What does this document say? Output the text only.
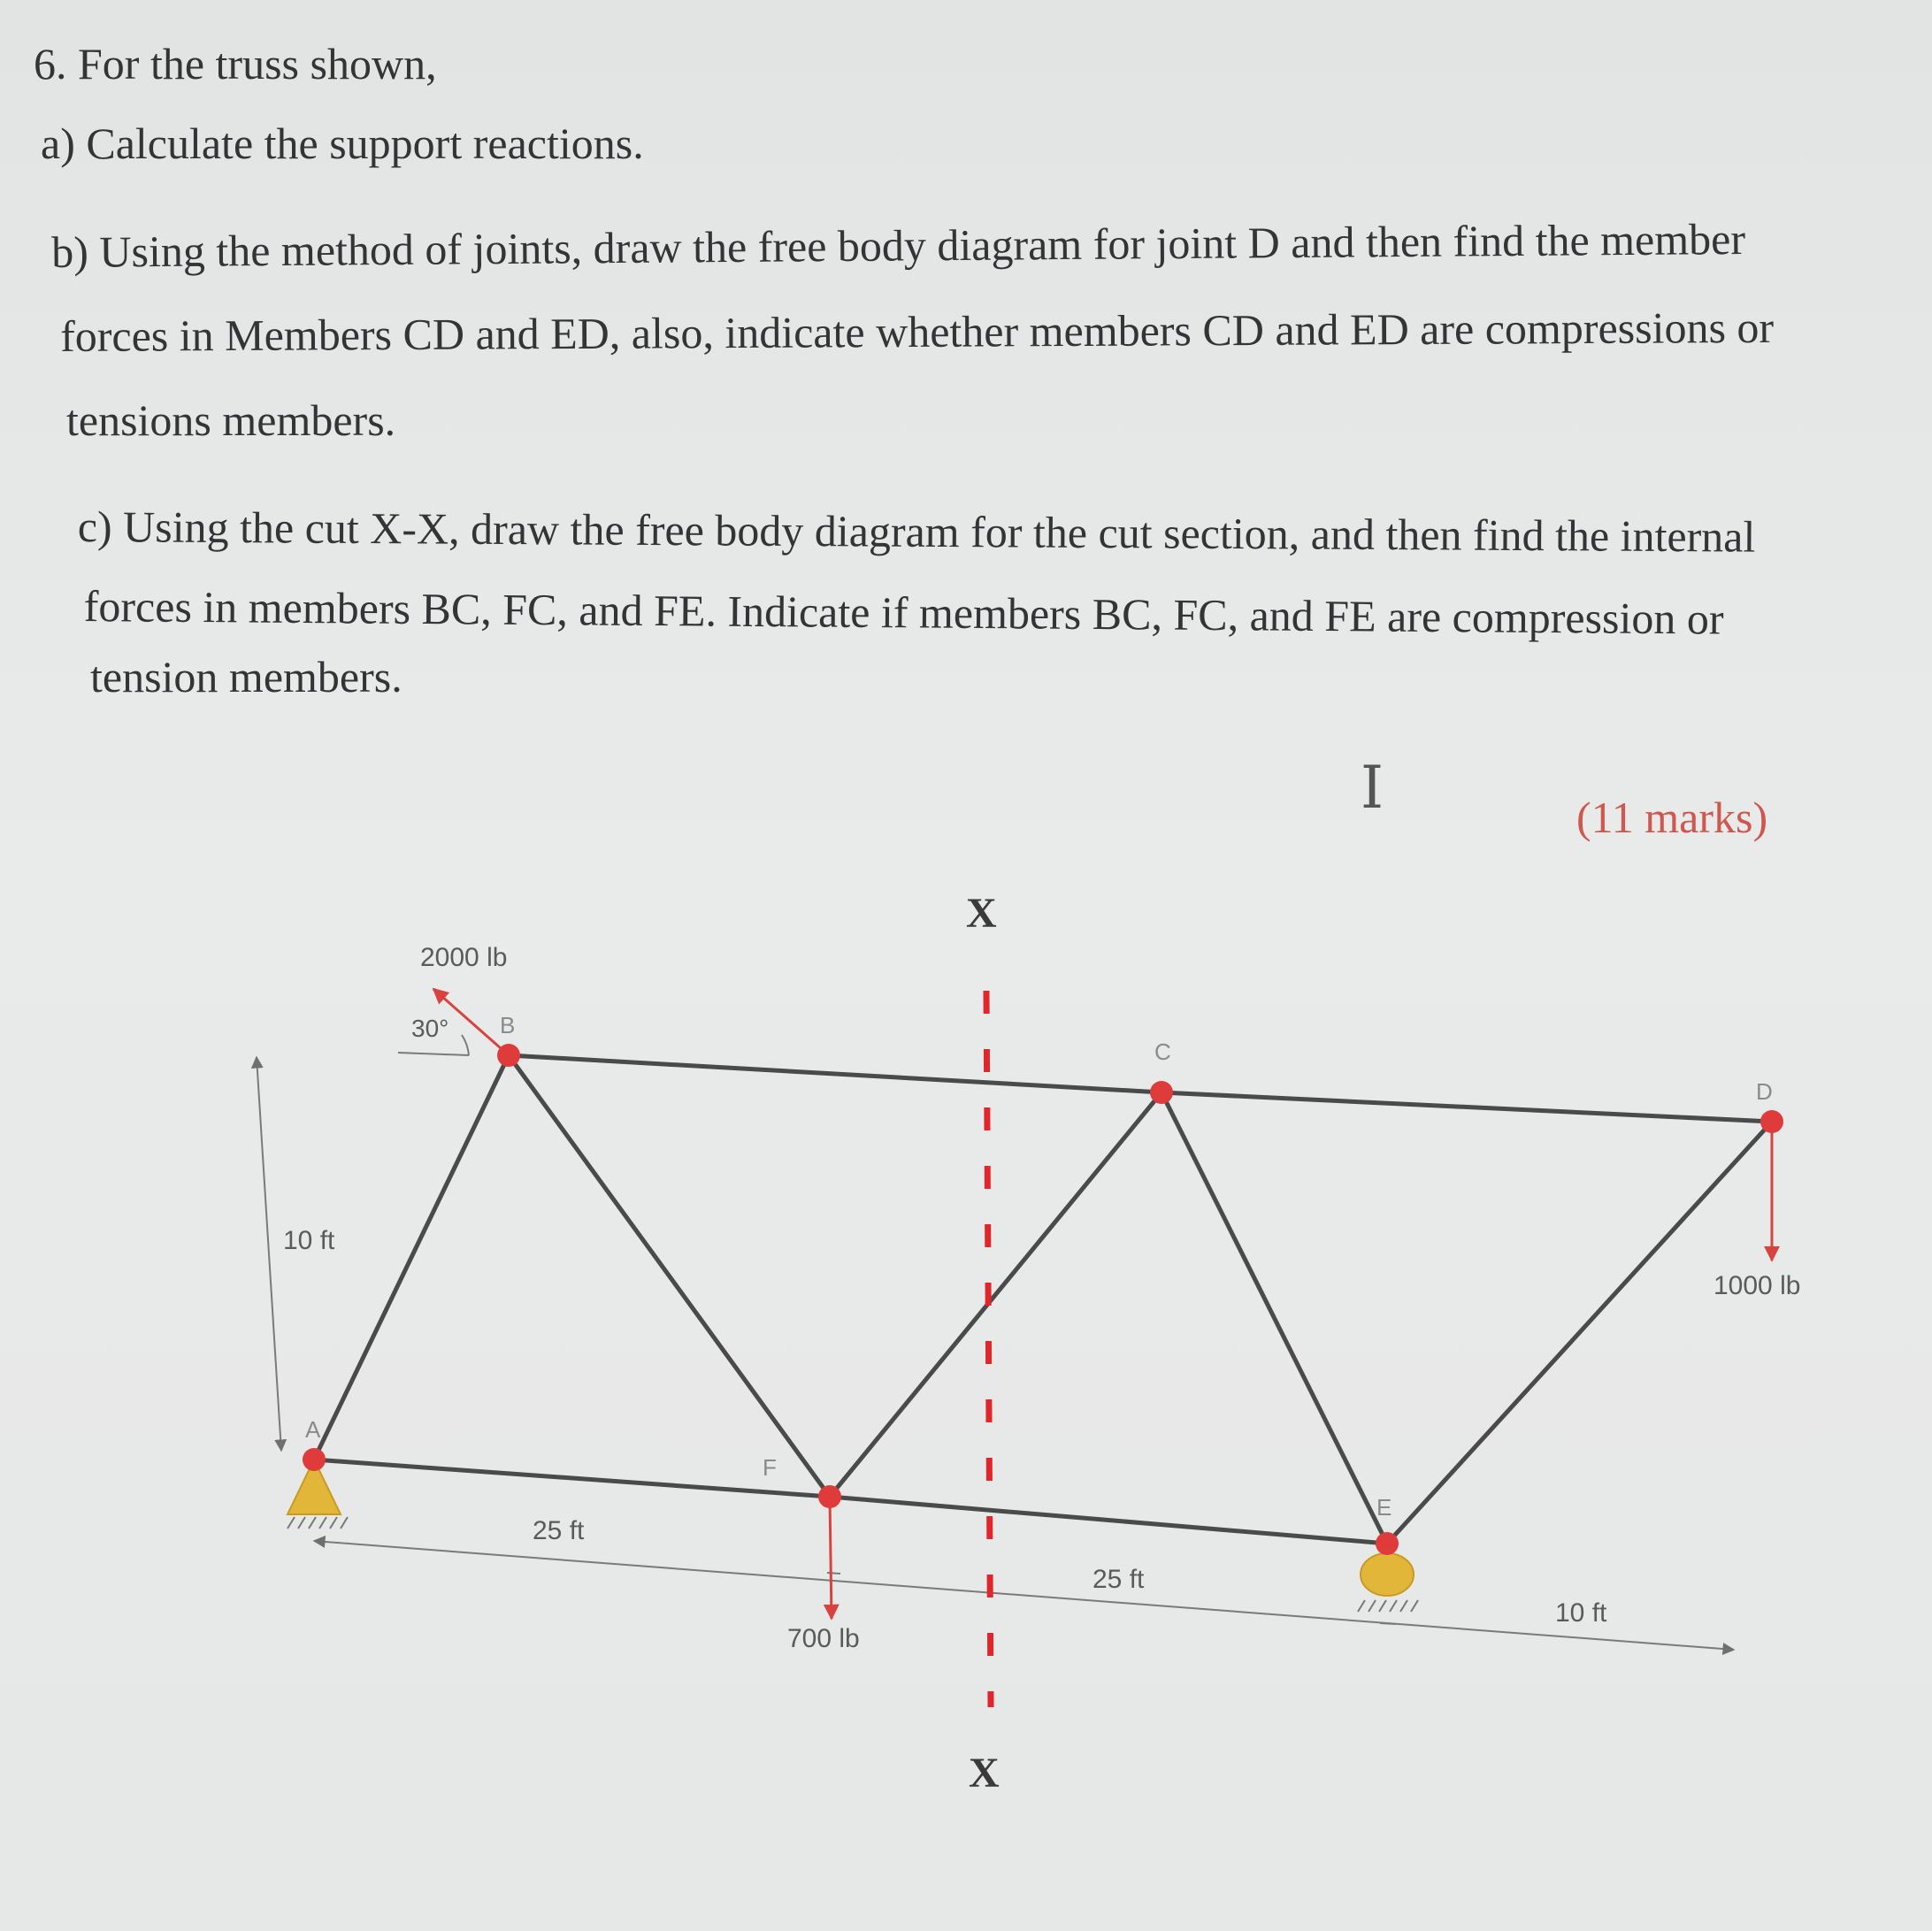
6. For the truss shown,
a) Calculate the support reactions.
b) Using the method of joints, draw the free body diagram for joint D and then find the member
forces in Members CD and ED, also, indicate whether members CD and ED are compressions or
tensions members.
c) Using the cut X-X, draw the free body diagram for the cut section, and then find the internal
forces in members BC, FC, and FE. Indicate if members BC, FC, and FE are compression or
tension members.
(11 marks)
I
A
B
C
D
E
F
2000 lb
30°
700 lb
1000 lb
10 ft
25 ft
25 ft
10 ft
X
X
